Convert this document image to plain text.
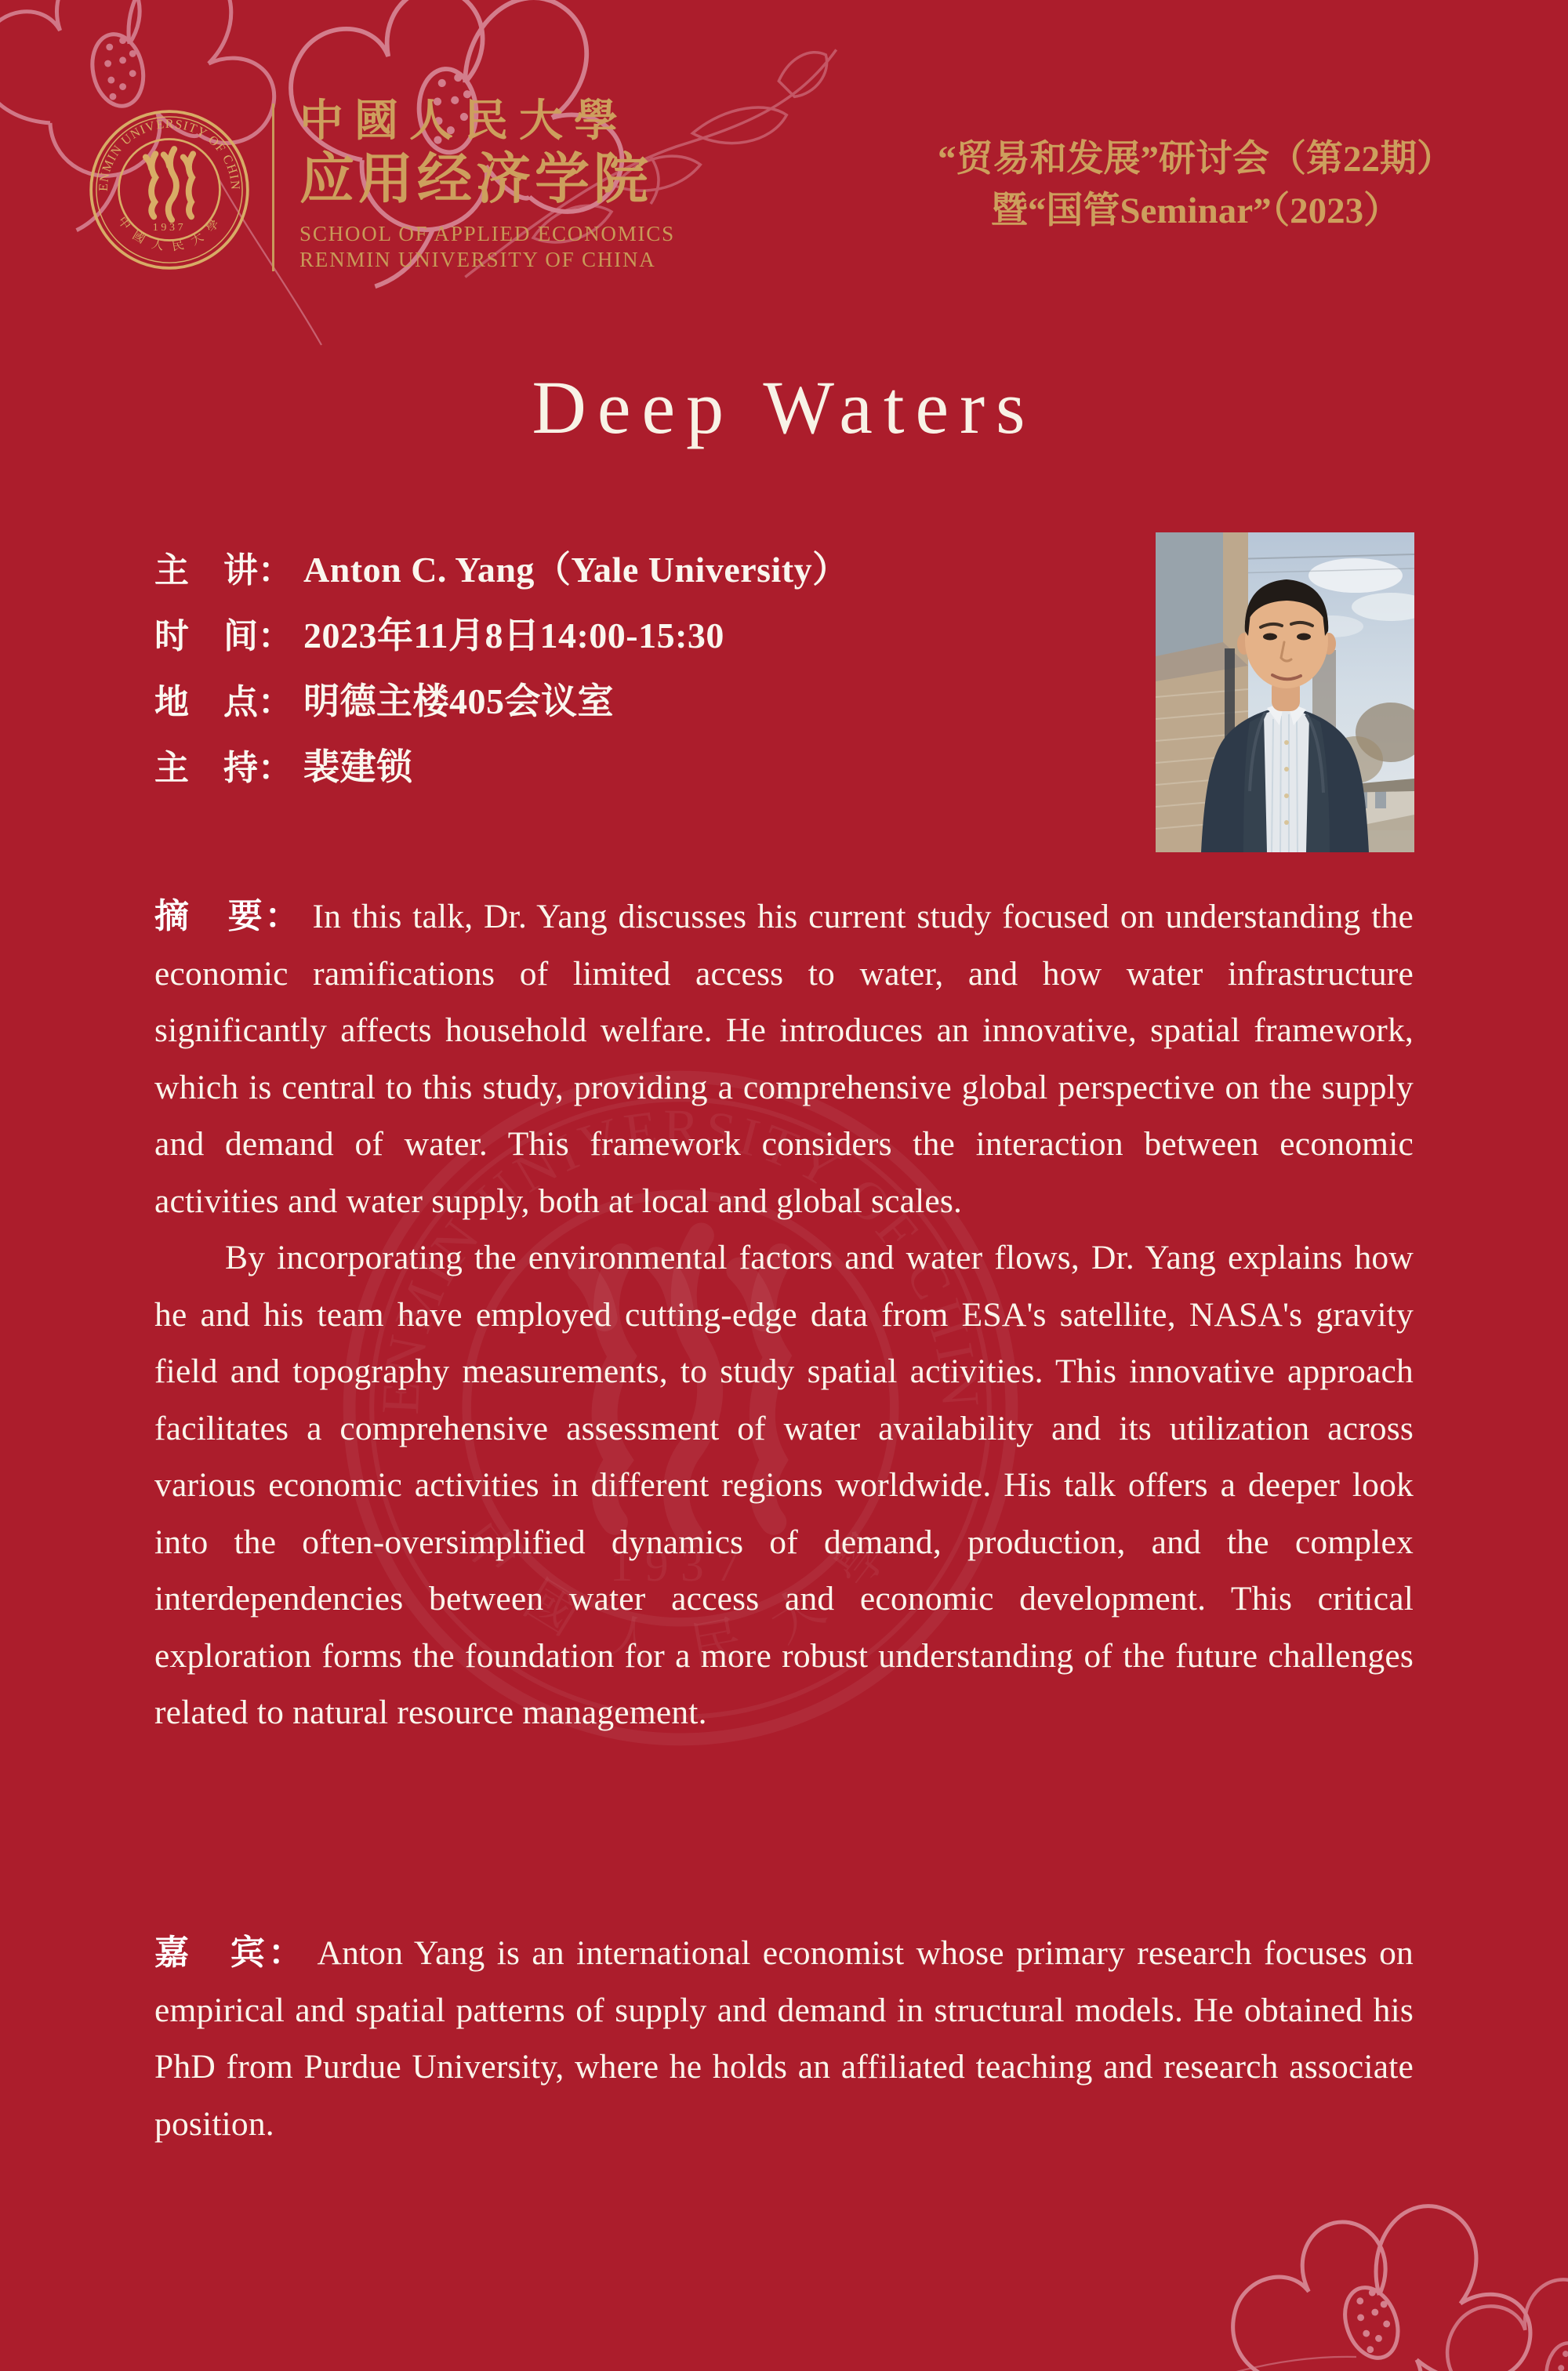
中國人民大學
应用经济学院
SCHOOL OF APPLIED ECONOMICS
RENMIN UNIVERSITY OF CHINA
“贸易和发展”研讨会（第22期）
暨“国管Seminar”（2023）
Deep Waters
主　讲： Anton C. Yang（Yale University）
时　间： 2023年11月8日14:00-15:30
地　点： 明德主楼405会议室
主　持： 裴建锁

摘　要： In this talk, Dr. Yang discusses his current study focused on understanding the economic ramifications of limited access to water, and how water infrastructure significantly affects household welfare. He introduces an innovative, spatial framework, which is central to this study, providing a comprehensive global perspective on the supply and demand of water. This framework considers the interaction between economic activities and water supply, both at local and global scales.

By incorporating the environmental factors and water flows, Dr. Yang explains how he and his team have employed cutting-edge data from ESA's satellite, NASA's gravity field and topography measurements, to study spatial activities. This innovative approach facilitates a comprehensive assessment of water availability and its utilization across various economic activities in different regions worldwide. His talk offers a deeper look into the often-oversimplified dynamics of demand, production, and the complex interdependencies between water access and economic development. This critical exploration forms the foundation for a more robust understanding of the future challenges related to natural resource management.

嘉　宾： Anton Yang is an international economist whose primary research focuses on empirical and spatial patterns of supply and demand in structural models. He obtained his PhD from Purdue University, where he holds an affiliated teaching and research associate position.
